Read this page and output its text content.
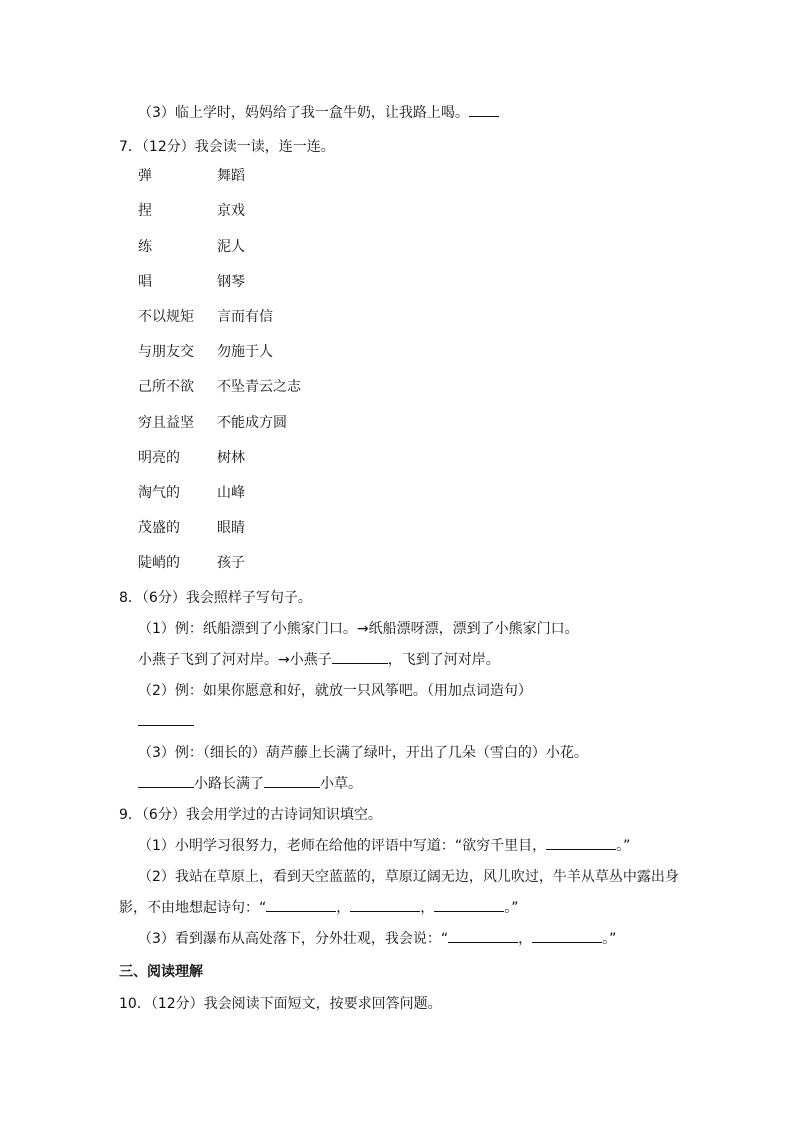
（3）临上学时，妈妈给了我一盒牛奶，让我路上喝。
7．（12分）我会读一读，连一连。
弹	舞蹈
捏	京戏
练	泥人
唱	钢琴
不以规矩 言而有信
与朋友交 勿施于人
己所不欲 不坠青云之志
穷且益坚 不能成方圆
明亮的	树林
淘气的	山峰
茂盛的	眼睛
陡峭的	孩子
8．（6分）我会照样子写句子。
（1）例：纸船漂到了小熊家门口。→纸船漂呀漂，漂到了小熊家门口。
小燕子飞到了河对岸。→小燕子	，飞到了河对岸。
（2）例：如果你愿意和好，就放一只风筝吧。（用加点词造句）
（3）例：（细长的）葫芦藤上长满了绿叶，开出了几朵（雪白的）小花。
小路长满了	小草。
9．（6分）我会用学过的古诗词知识填空。
（1）小明学习很努力，老师在给他的评语中写道：“欲穷千里目，	。”
（2）我站在草原上，看到天空蓝蓝的，草原辽阔无边，风儿吹过，牛羊从草丛中露出身
影，不由地想起诗句：“	，	，	。”
（3）看到瀑布从高处落下，分外壮观，我会说：“	，	。”
三、阅读理解
10．（12分）我会阅读下面短文，按要求回答问题。
